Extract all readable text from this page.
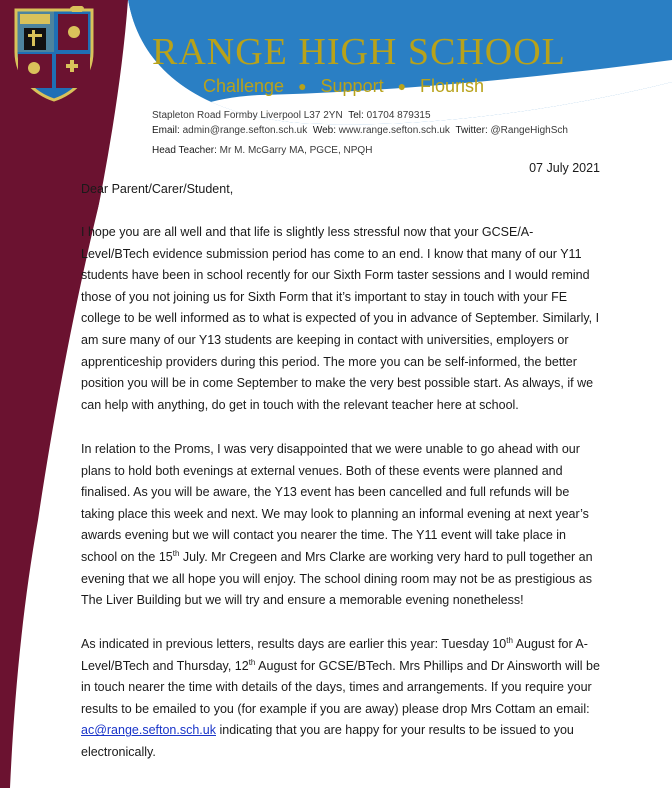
RANGE HIGH SCHOOL
Challenge ● Support ● Flourish
Stapleton Road Formby Liverpool L37 2YN Tel: 01704 879315
Email: admin@range.sefton.sch.uk Web: www.range.sefton.sch.uk Twitter: @RangeHighSch
Head Teacher: Mr M. McGarry MA, PGCE, NPQH
07 July 2021

Dear Parent/Carer/Student,

I hope you are all well and that life is slightly less stressful now that your GCSE/A-Level/BTech evidence submission period has come to an end. I know that many of our Y11 students have been in school recently for our Sixth Form taster sessions and I would remind those of you not joining us for Sixth Form that it’s important to stay in touch with your FE college to be well informed as to what is expected of you in advance of September. Similarly, I am sure many of our Y13 students are keeping in contact with universities, employers or apprenticeship providers during this period. The more you can be self-informed, the better position you will be in come September to make the very best possible start. As always, if we can help with anything, do get in touch with the relevant teacher here at school.

In relation to the Proms, I was very disappointed that we were unable to go ahead with our plans to hold both evenings at external venues. Both of these events were planned and finalised. As you will be aware, the Y13 event has been cancelled and full refunds will be taking place this week and next. We may look to planning an informal evening at next year’s awards evening but we will contact you nearer the time. The Y11 event will take place in school on the 15th July. Mr Cregeen and Mrs Clarke are working very hard to pull together an evening that we all hope you will enjoy. The school dining room may not be as prestigious as The Liver Building but we will try and ensure a memorable evening nonetheless!

As indicated in previous letters, results days are earlier this year: Tuesday 10th August for A-Level/BTech and Thursday, 12th August for GCSE/BTech. Mrs Phillips and Dr Ainsworth will be in touch nearer the time with details of the days, times and arrangements. If you require your results to be emailed to you (for example if you are away) please drop Mrs Cottam an email: ac@range.sefton.sch.uk indicating that you are happy for your results to be issued to you electronically.
